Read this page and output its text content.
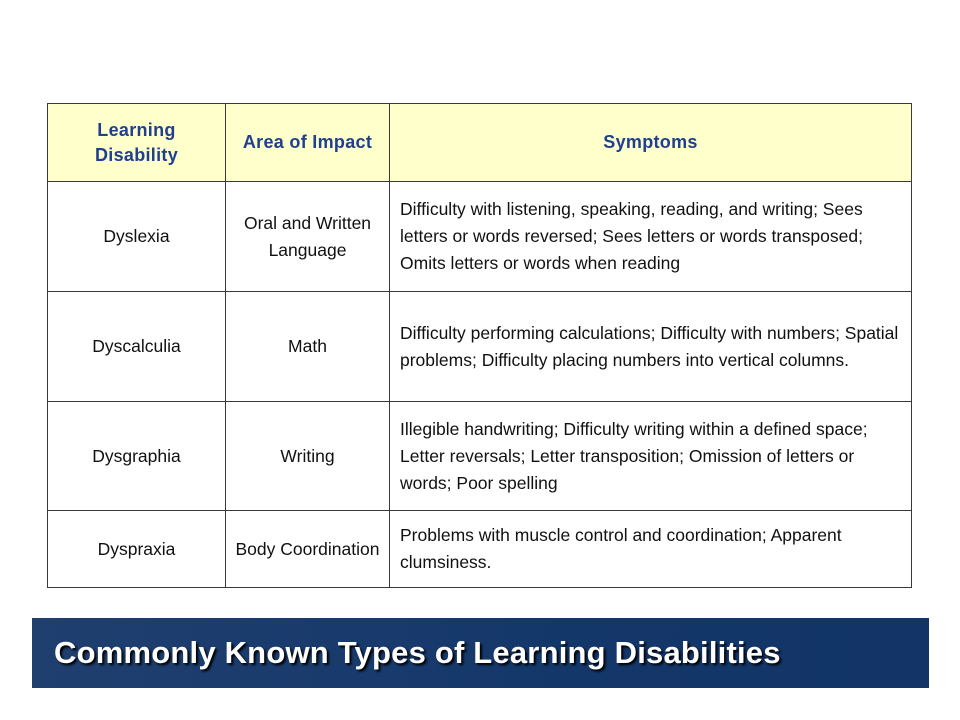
Learning Disability	Area of Impact	Symptoms
Dyslexia	Oral and Written Language	Difficulty with listening, speaking, reading, and writing; Sees letters or words reversed; Sees letters or words transposed; Omits letters or words when reading
Dyscalculia	Math	Difficulty performing calculations; Difficulty with numbers; Spatial problems; Difficulty placing numbers into vertical columns.
Dysgraphia	Writing	Illegible handwriting; Difficulty writing within a defined space; Letter reversals; Letter transposition; Omission of letters or words; Poor spelling
Dyspraxia	Body Coordination	Problems with muscle control and coordination; Apparent clumsiness.
Commonly Known Types of Learning Disabilities
